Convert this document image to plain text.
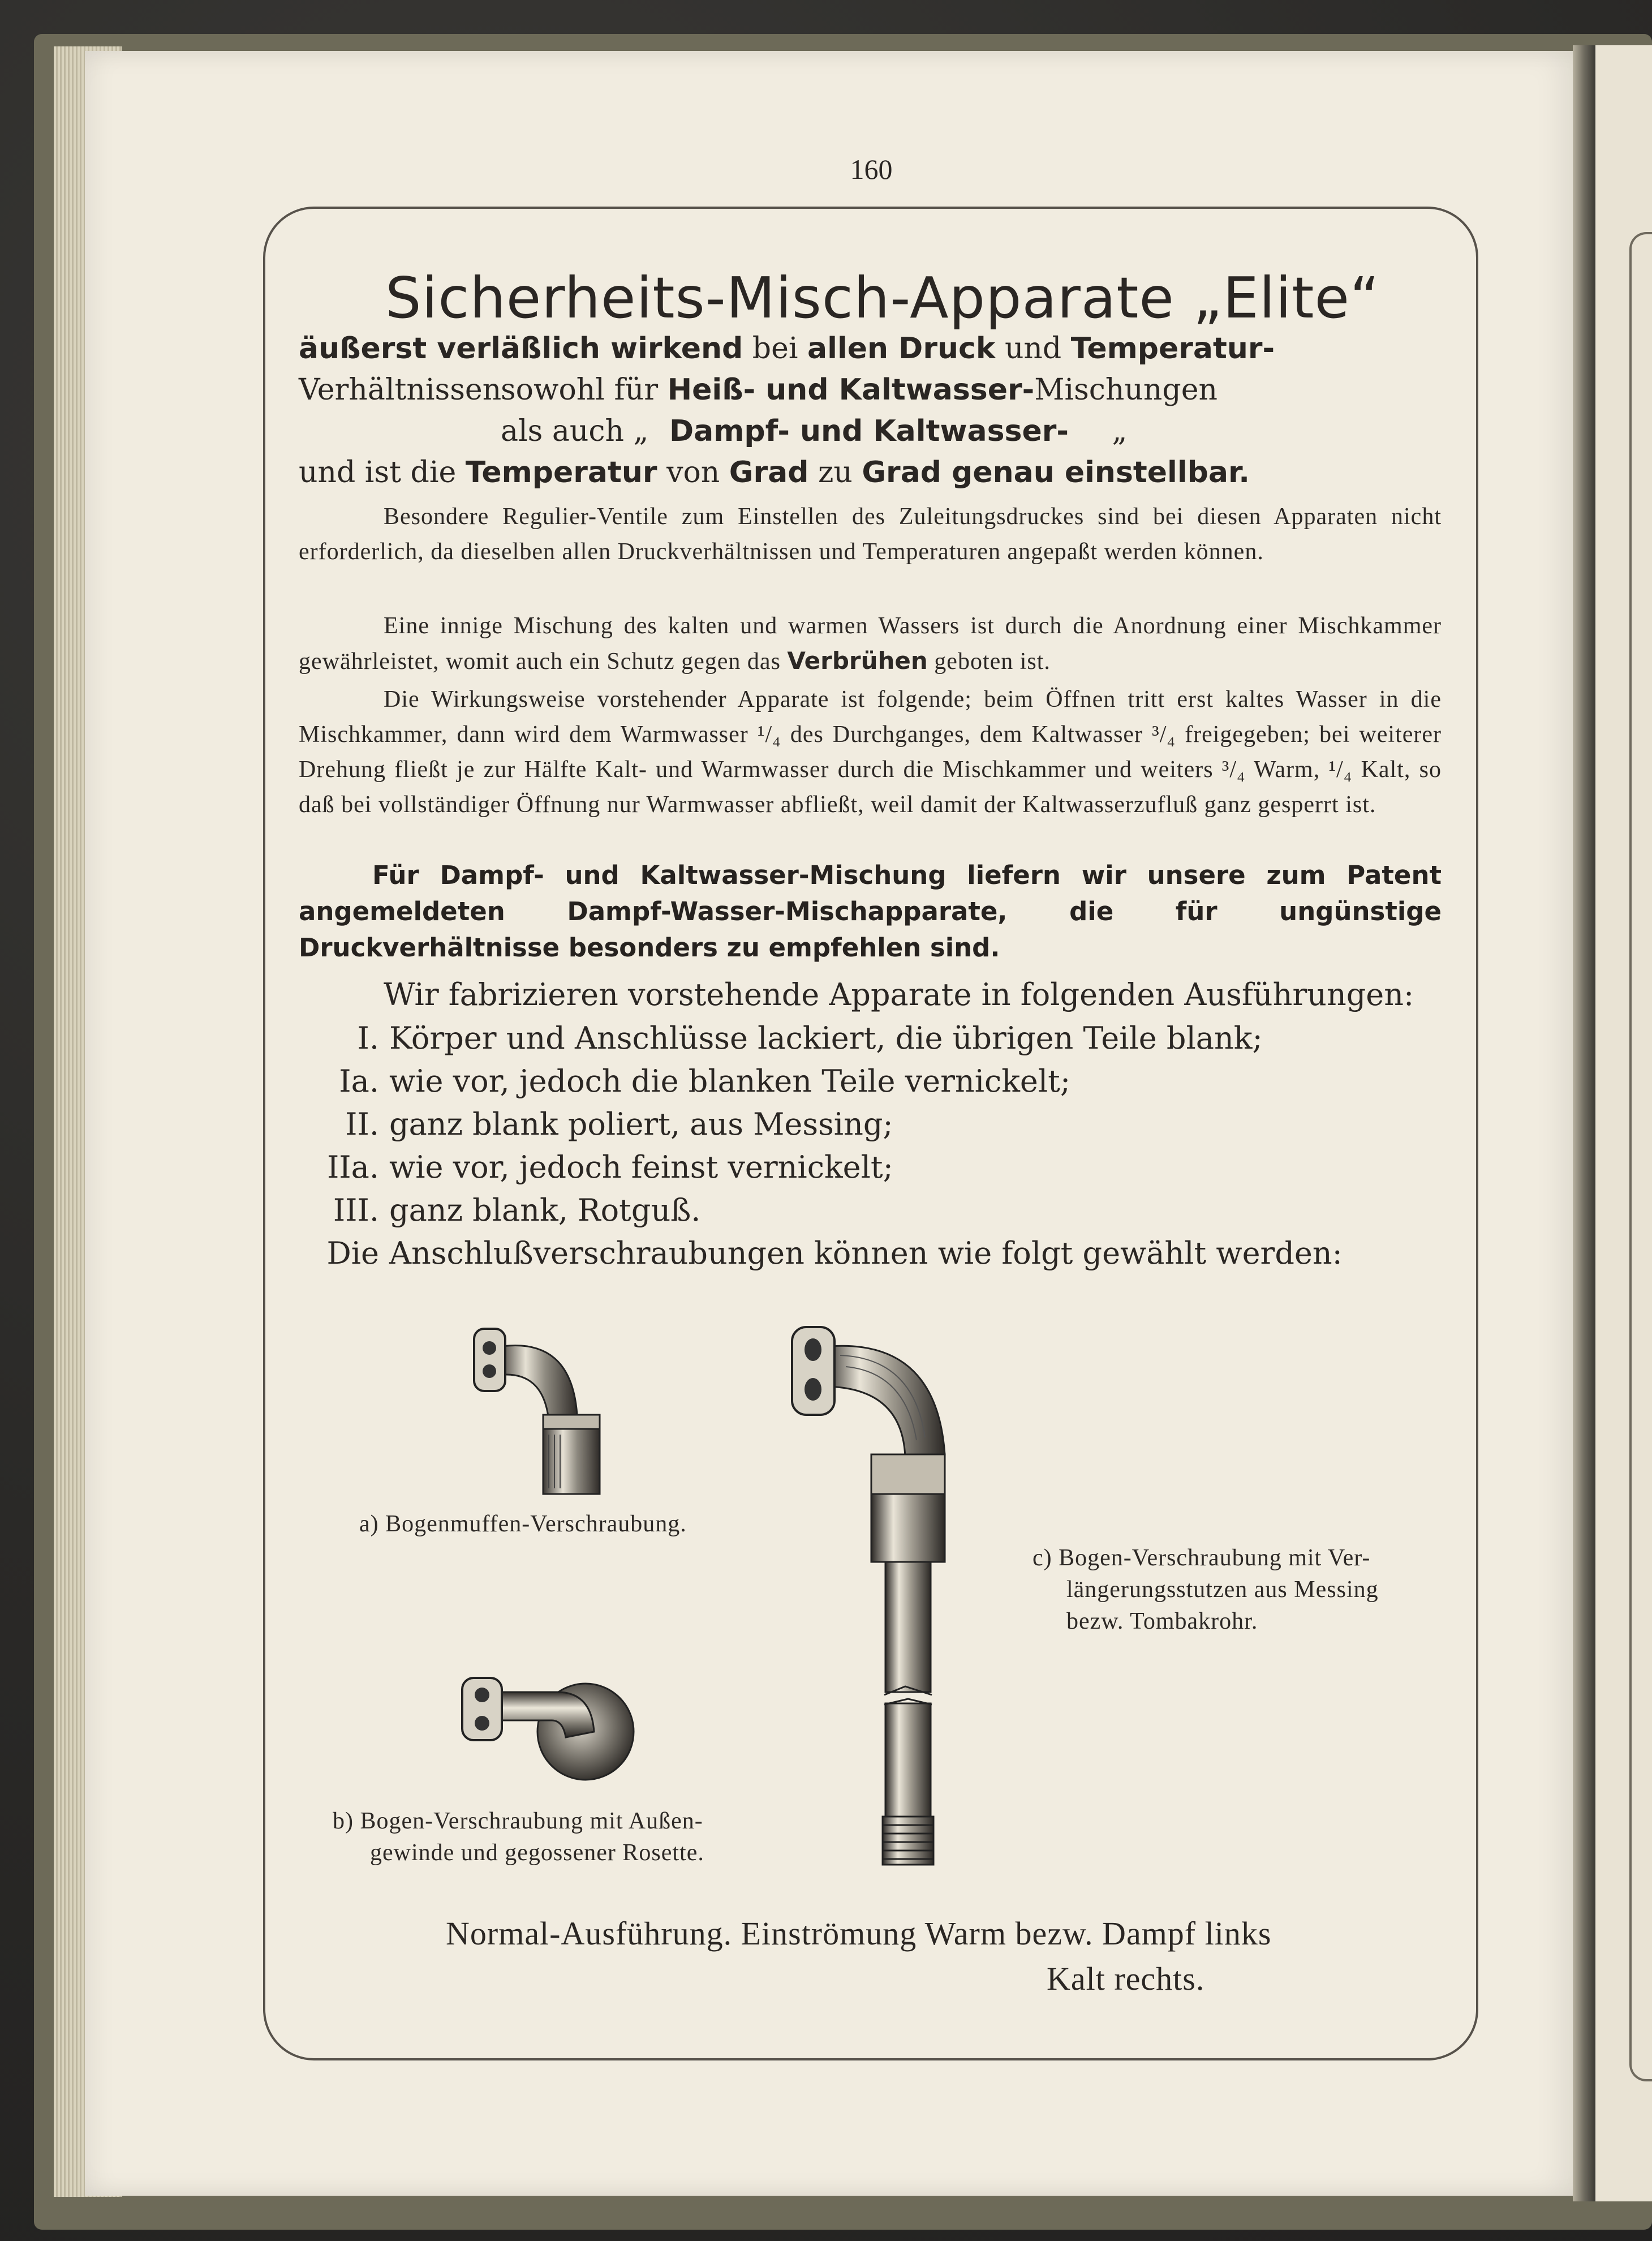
160
Sicherheits-Misch-Apparate „Elite“
äußerst verläßlich wirkend bei allen Druck und Temperatur-Verhältnissen
sowohl für Heiß- und Kaltwasser-Mischungen
als auch „ Dampf- und Kaltwasser- „
und ist die Temperatur von Grad zu Grad genau einstellbar.
Besondere Regulier-Ventile zum Einstellen des Zuleitungsdruckes sind bei diesen Apparaten nicht erforderlich, da dieselben allen Druckverhältnissen und Temperaturen angepaßt werden können.
Eine innige Mischung des kalten und warmen Wassers ist durch die Anordnung einer Mischkammer gewährleistet, womit auch ein Schutz gegen das Verbrühen geboten ist.
Die Wirkungsweise vorstehender Apparate ist folgende; beim Öffnen tritt erst kaltes Wasser in die Mischkammer, dann wird dem Warmwasser ¹/₄ des Durchganges, dem Kaltwasser ³/₄ freigegeben; bei weiterer Drehung fließt je zur Hälfte Kalt- und Warmwasser durch die Mischkammer und weiters ³/₄ Warm, ¹/₄ Kalt, so daß bei vollständiger Öffnung nur Warmwasser abfließt, weil damit der Kaltwasserzufluß ganz gesperrt ist.
Für Dampf- und Kaltwasser-Mischung liefern wir unsere zum Patent angemeldeten Dampf-Wasser-Mischapparate, die für ungünstige Druckverhältnisse besonders zu empfehlen sind.
Wir fabrizieren vorstehende Apparate in folgenden Ausführungen:
I. Körper und Anschlüsse lackiert, die übrigen Teile blank;
Ia. wie vor, jedoch die blanken Teile vernickelt;
II. ganz blank poliert, aus Messing;
IIa. wie vor, jedoch feinst vernickelt;
III. ganz blank, Rotguß.
Die Anschlußverschraubungen können wie folgt gewählt werden:
a) Bogenmuffen-Verschraubung.
b) Bogen-Verschraubung mit Außen-
gewinde und gegossener Rosette.
c) Bogen-Verschraubung mit Ver-
längerungsstutzen aus Messing
bezw. Tombakrohr.
Normal-Ausführung. Einströmung Warm bezw. Dampf links
Kalt rechts.
